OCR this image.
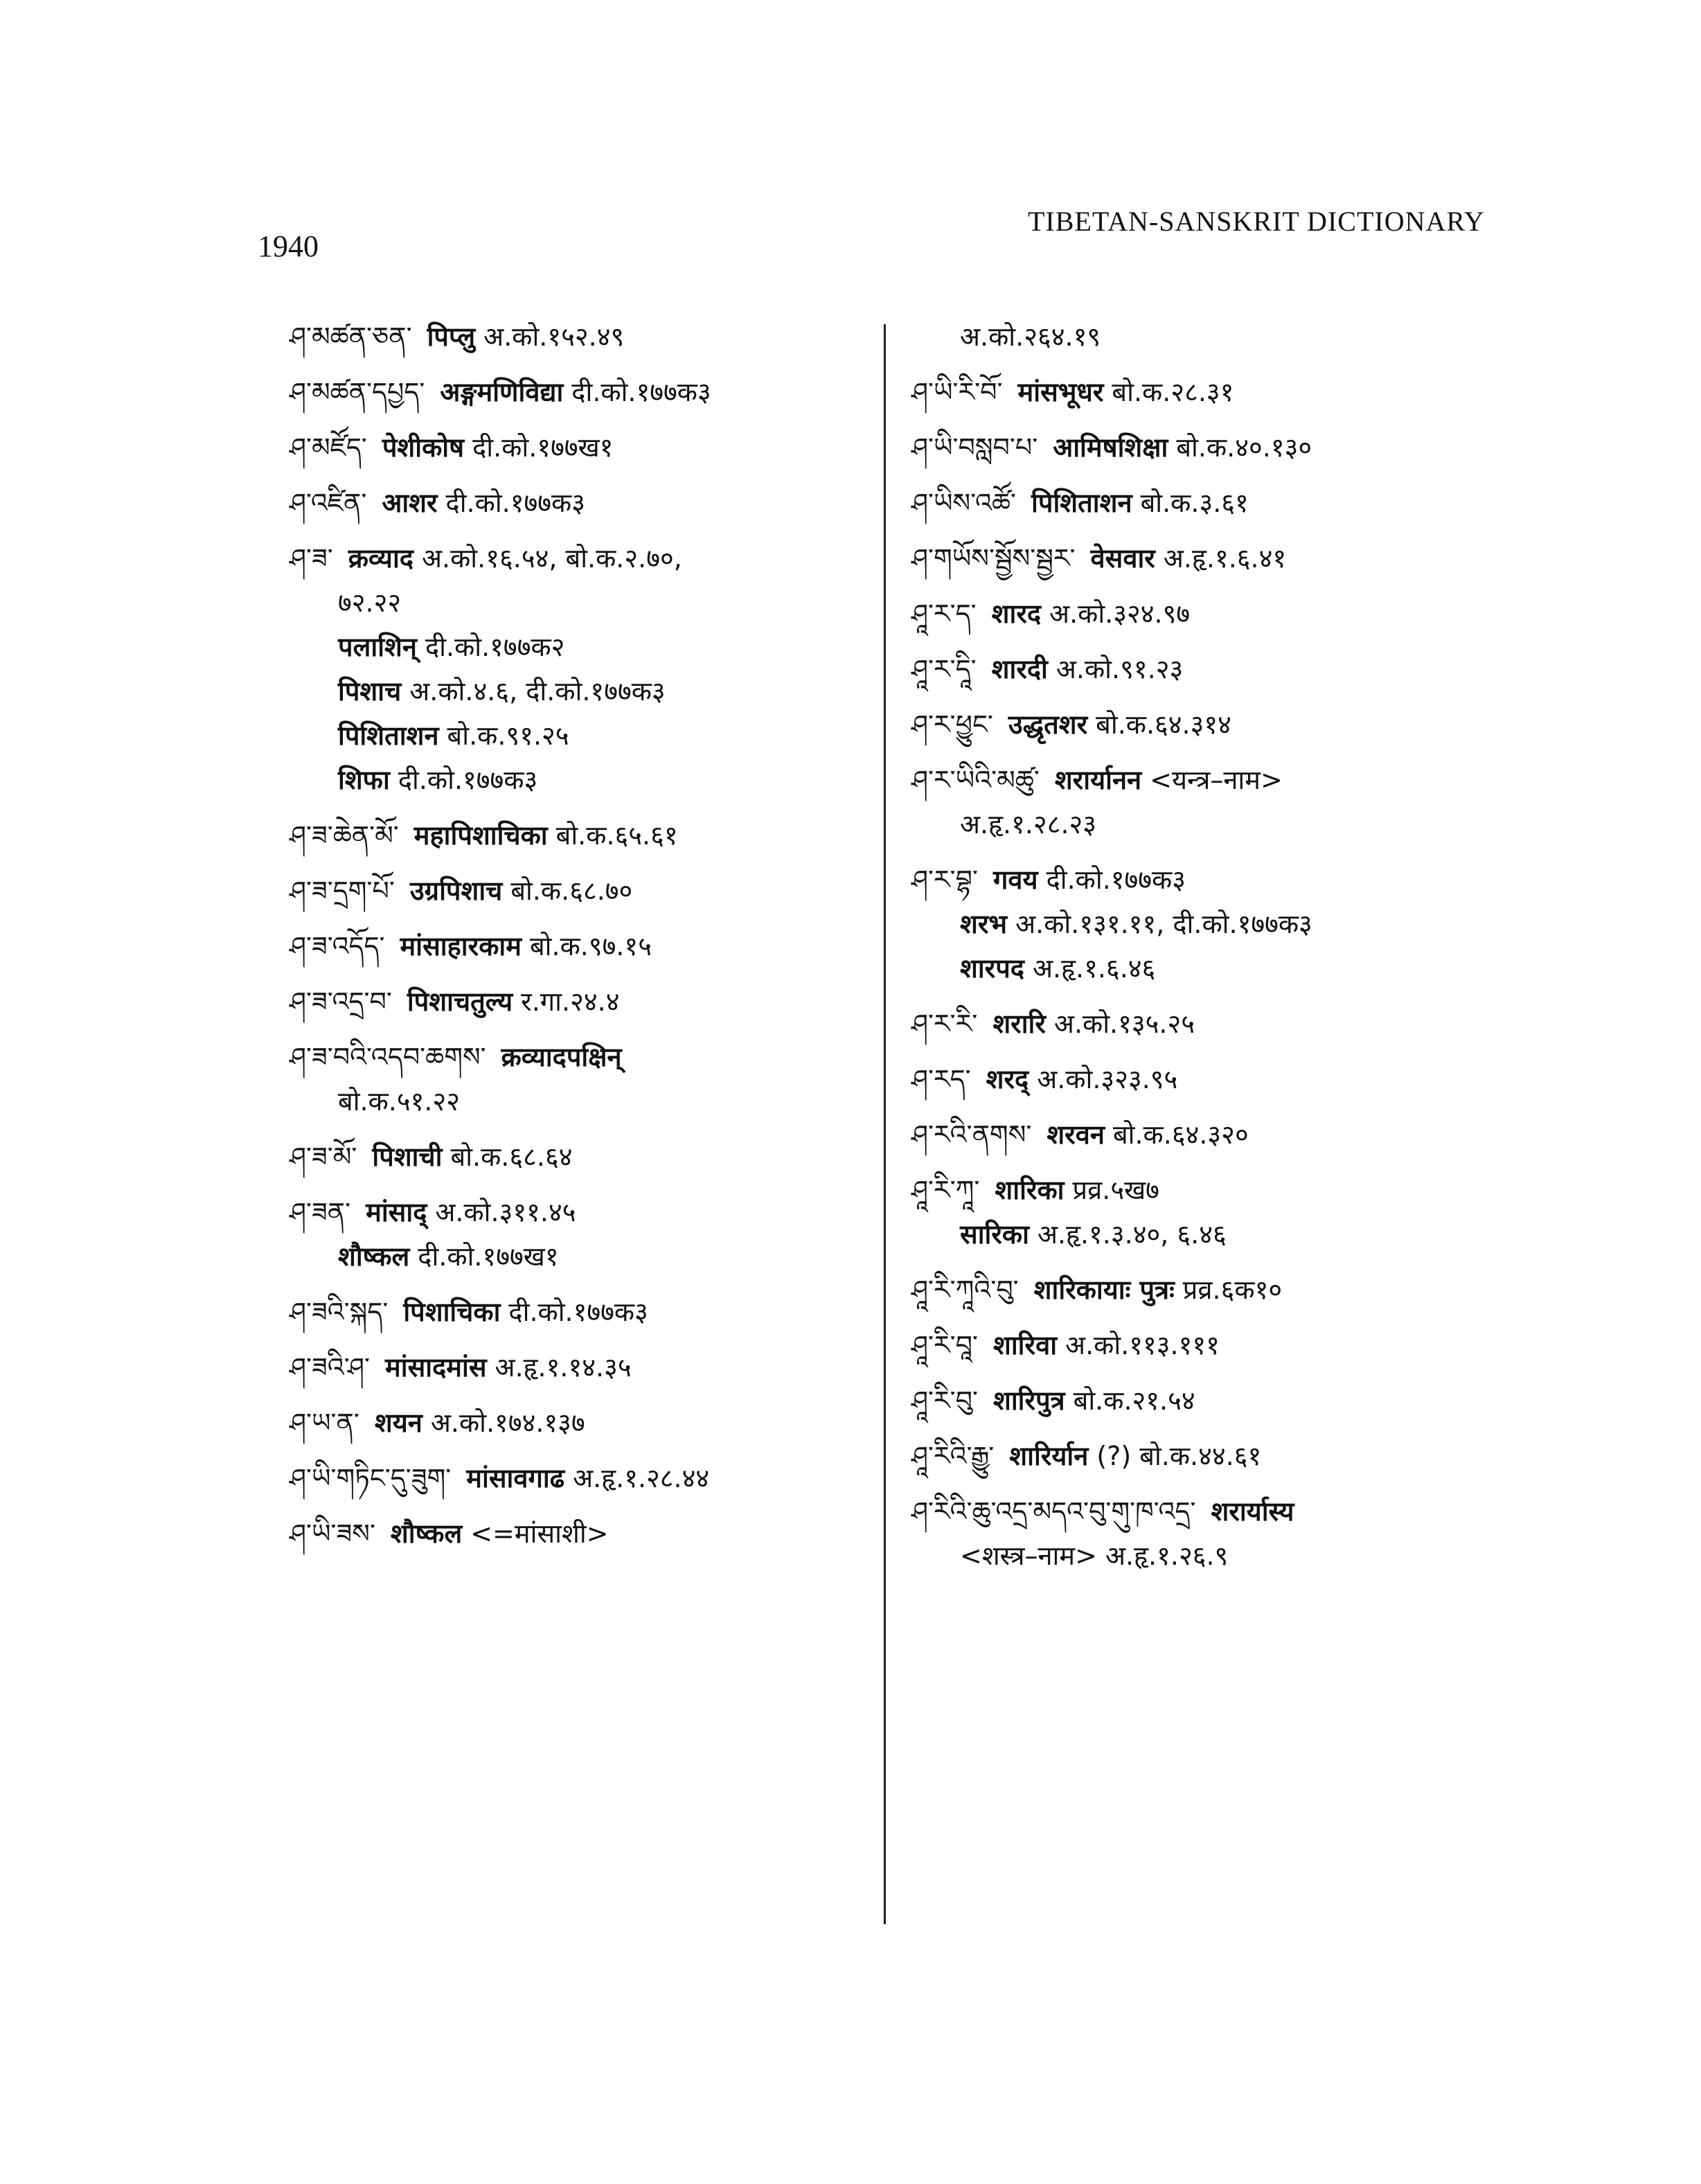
1940
TIBETAN-SANSKRIT DICTIONARY
ཤ་མཚན་ཅན་ पिप्लु अ.को.१५२.४९
ཤ་མཚན་དཔྱད་ अङ्गमणिविद्या दी.को.१७७क३
ཤ་མཛོད་ पेशीकोष दी.को.१७७ख१
ཤ་འཛིན་ आशर दी.को.१७७क३
ཤ་ཟ་ क्रव्याद अ.को.१६.५४, बो.क.२.७०,
७२.२२
पलाशिन् दी.को.१७७क२
पिशाच अ.को.४.६, दी.को.१७७क३
पिशिताशन बो.क.९१.२५
शिफा दी.को.१७७क३
ཤ་ཟ་ཆེན་མོ་ महापिशाचिका बो.क.६५.६१
ཤ་ཟ་དྲག་པོ་ उग्रपिशाच बो.क.६८.७०
ཤ་ཟ་འདོད་ मांसाहारकाम बो.क.९७.१५
ཤ་ཟ་འདྲ་བ་ पिशाचतुल्य र.गा.२४.४
ཤ་ཟ་བའི་འདབ་ཆགས་ क्रव्यादपक्षिन्
बो.क.५१.२२
ཤ་ཟ་མོ་ पिशाची बो.क.६८.६४
ཤ་ཟན་ मांसाद् अ.को.३११.४५
शौष्कल दी.को.१७७ख१
ཤ་ཟའི་སྐད་ पिशाचिका दी.को.१७७क३
ཤ་ཟའི་ཤ་ मांसादमांस अ.हृ.१.१४.३५
ཤ་ཡ་ན་ शयन अ.को.१७४.१३७
ཤ་ཡི་གཏིང་དུ་ཟུག་ मांसावगाढ अ.हृ.१.२८.४४
ཤ་ཡི་ཟས་ शौष्कल <=मांसाशी>
अ.को.२६४.१९
ཤ་ཡི་རི་བོ་ मांसभूधर बो.क.२८.३१
ཤ་ཡི་བསླབ་པ་ आमिषशिक्षा बो.क.४०.१३०
ཤ་ཡིས་འཚོ་ पिशिताशन बो.क.३.६१
ཤ་གཡོས་སྦྱོས་སྦྱར་ वेसवार अ.हृ.१.६.४१
ཤཱ་ར་ད་ शारद अ.को.३२४.९७
ཤཱ་ར་དཱི་ शारदी अ.को.९१.२३
ཤ་ར་ཕྱུང་ उद्धृतशर बो.क.६४.३१४
ཤ་ར་ཡིའི་མཚུ་ शरार्यानन <यन्त्र–नाम>
अ.हृ.१.२८.२३
ཤ་ར་བྷ་ गवय दी.को.१७७क३
शरभ अ.को.१३१.११, दी.को.१७७क३
शारपद अ.हृ.१.६.४६
ཤ་ར་རི་ शरारि अ.को.१३५.२५
ཤ་རད་ शरद् अ.को.३२३.९५
ཤ་རའི་ནགས་ शरवन बो.क.६४.३२०
ཤཱ་རི་ཀཱ་ शारिका प्रव्र.५ख७
सारिका अ.हृ.१.३.४०, ६.४६
ཤཱ་རི་ཀཱའི་བུ་ शारिकायाः पुत्रः प्रव्र.६क१०
ཤཱ་རི་བཱ་ शारिवा अ.को.११३.१११
ཤཱ་རི་བུ་ शारिपुत्र बो.क.२१.५४
ཤཱ་རིའི་རྒྱུ་ शारिर्यान (?) बो.क.४४.६१
ཤ་རིའི་ཆུ་འདྲ་མདའ་བུ་གུ་ཁ་འདྲ་ शरार्यास्य
<शस्त्र–नाम> अ.हृ.१.२६.९
